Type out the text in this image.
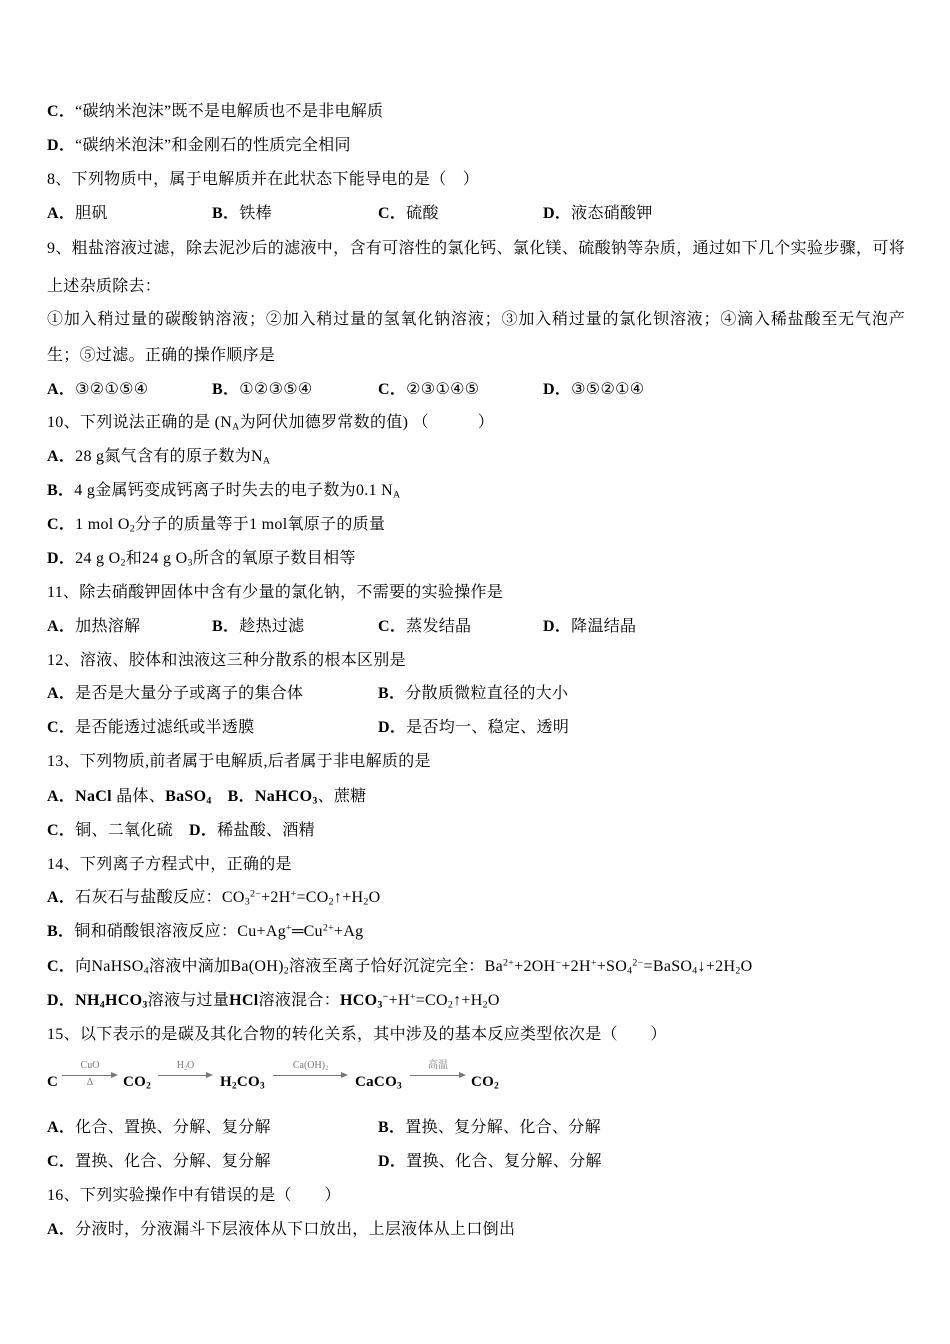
C．“碳纳米泡沫”既不是电解质也不是非电解质
D．“碳纳米泡沫”和金刚石的性质完全相同
8、下列物质中，属于电解质并在此状态下能导电的是（　）
A．胆矾	B．铁棒	C．硫酸	D．液态硝酸钾
9、粗盐溶液过滤，除去泥沙后的滤液中，含有可溶性的氯化钙、氯化镁、硫酸钠等杂质，通过如下几个实验步骤，可将
上述杂质除去：
①加入稍过量的碳酸钠溶液；②加入稍过量的氢氧化钠溶液；③加入稍过量的氯化钡溶液；④滴入稀盐酸至无气泡产
生；⑤过滤。正确的操作顺序是
A．③②①⑤④	B．①②③⑤④	C．②③①④⑤	D．③⑤②①④
10、下列说法正确的是 ($N_A$为阿伏加德罗常数的值) （　　　）
A．28 g氮气含有的原子数为$N_A$
B．4 g金属钙变成钙离子时失去的电子数为0.1 $N_A$
C．1 mol $O_2$分子的质量等于1 mol氧原子的质量
D．24 g $O_2$和24 g $O_3$所含的氧原子数目相等
11、除去硝酸钾固体中含有少量的氯化钠，不需要的实验操作是
A．加热溶解	B．趁热过滤	C．蒸发结晶	D．降温结晶
12、溶液、胶体和浊液这三种分散系的根本区别是
A．是否是大量分子或离子的集合体	B．分散质微粒直径的大小
C．是否能透过滤纸或半透膜	D．是否均一、稳定、透明
13、下列物质,前者属于电解质,后者属于非电解质的是
A．NaCl 晶体、BaSO$_4$ B．NaHCO$_3$、蔗糖
C．铜、二氧化硫 D．稀盐酸、酒精
14、下列离子方程式中，正确的是
A．石灰石与盐酸反应：$CO_3^{2-}+2H^+=CO_2↑+H_2O$
B．铜和硝酸银溶液反应：$Cu+Ag^+═Cu^{2+}+Ag$
C．向NaHSO$_4$溶液中滴加$Ba(OH)_2$溶液至离子恰好沉淀完全：$Ba^{2+}+2OH^-+2H^++SO_4^{2-}=BaSO_4↓+2H_2O$
D．$NH_4HCO_3$溶液与过量HCl溶液混合：$HCO_3^-+H^+=CO_2↑+H_2O$
15、以下表示的是碳及其化合物的转化关系，其中涉及的基本反应类型依次是（　　）
C
CuO
Δ	$CO_2$
$H_2O$
$H_2CO_3$
$Ca(OH)_2$
CaCO$_3$
高温
$CO_2$
A．化合、置换、分解、复分解	B．置换、复分解、化合、分解
C．置换、化合、分解、复分解	D．置换、化合、复分解、分解
16、下列实验操作中有错误的是（　　）
A．分液时，分液漏斗下层液体从下口放出，上层液体从上口倒出
